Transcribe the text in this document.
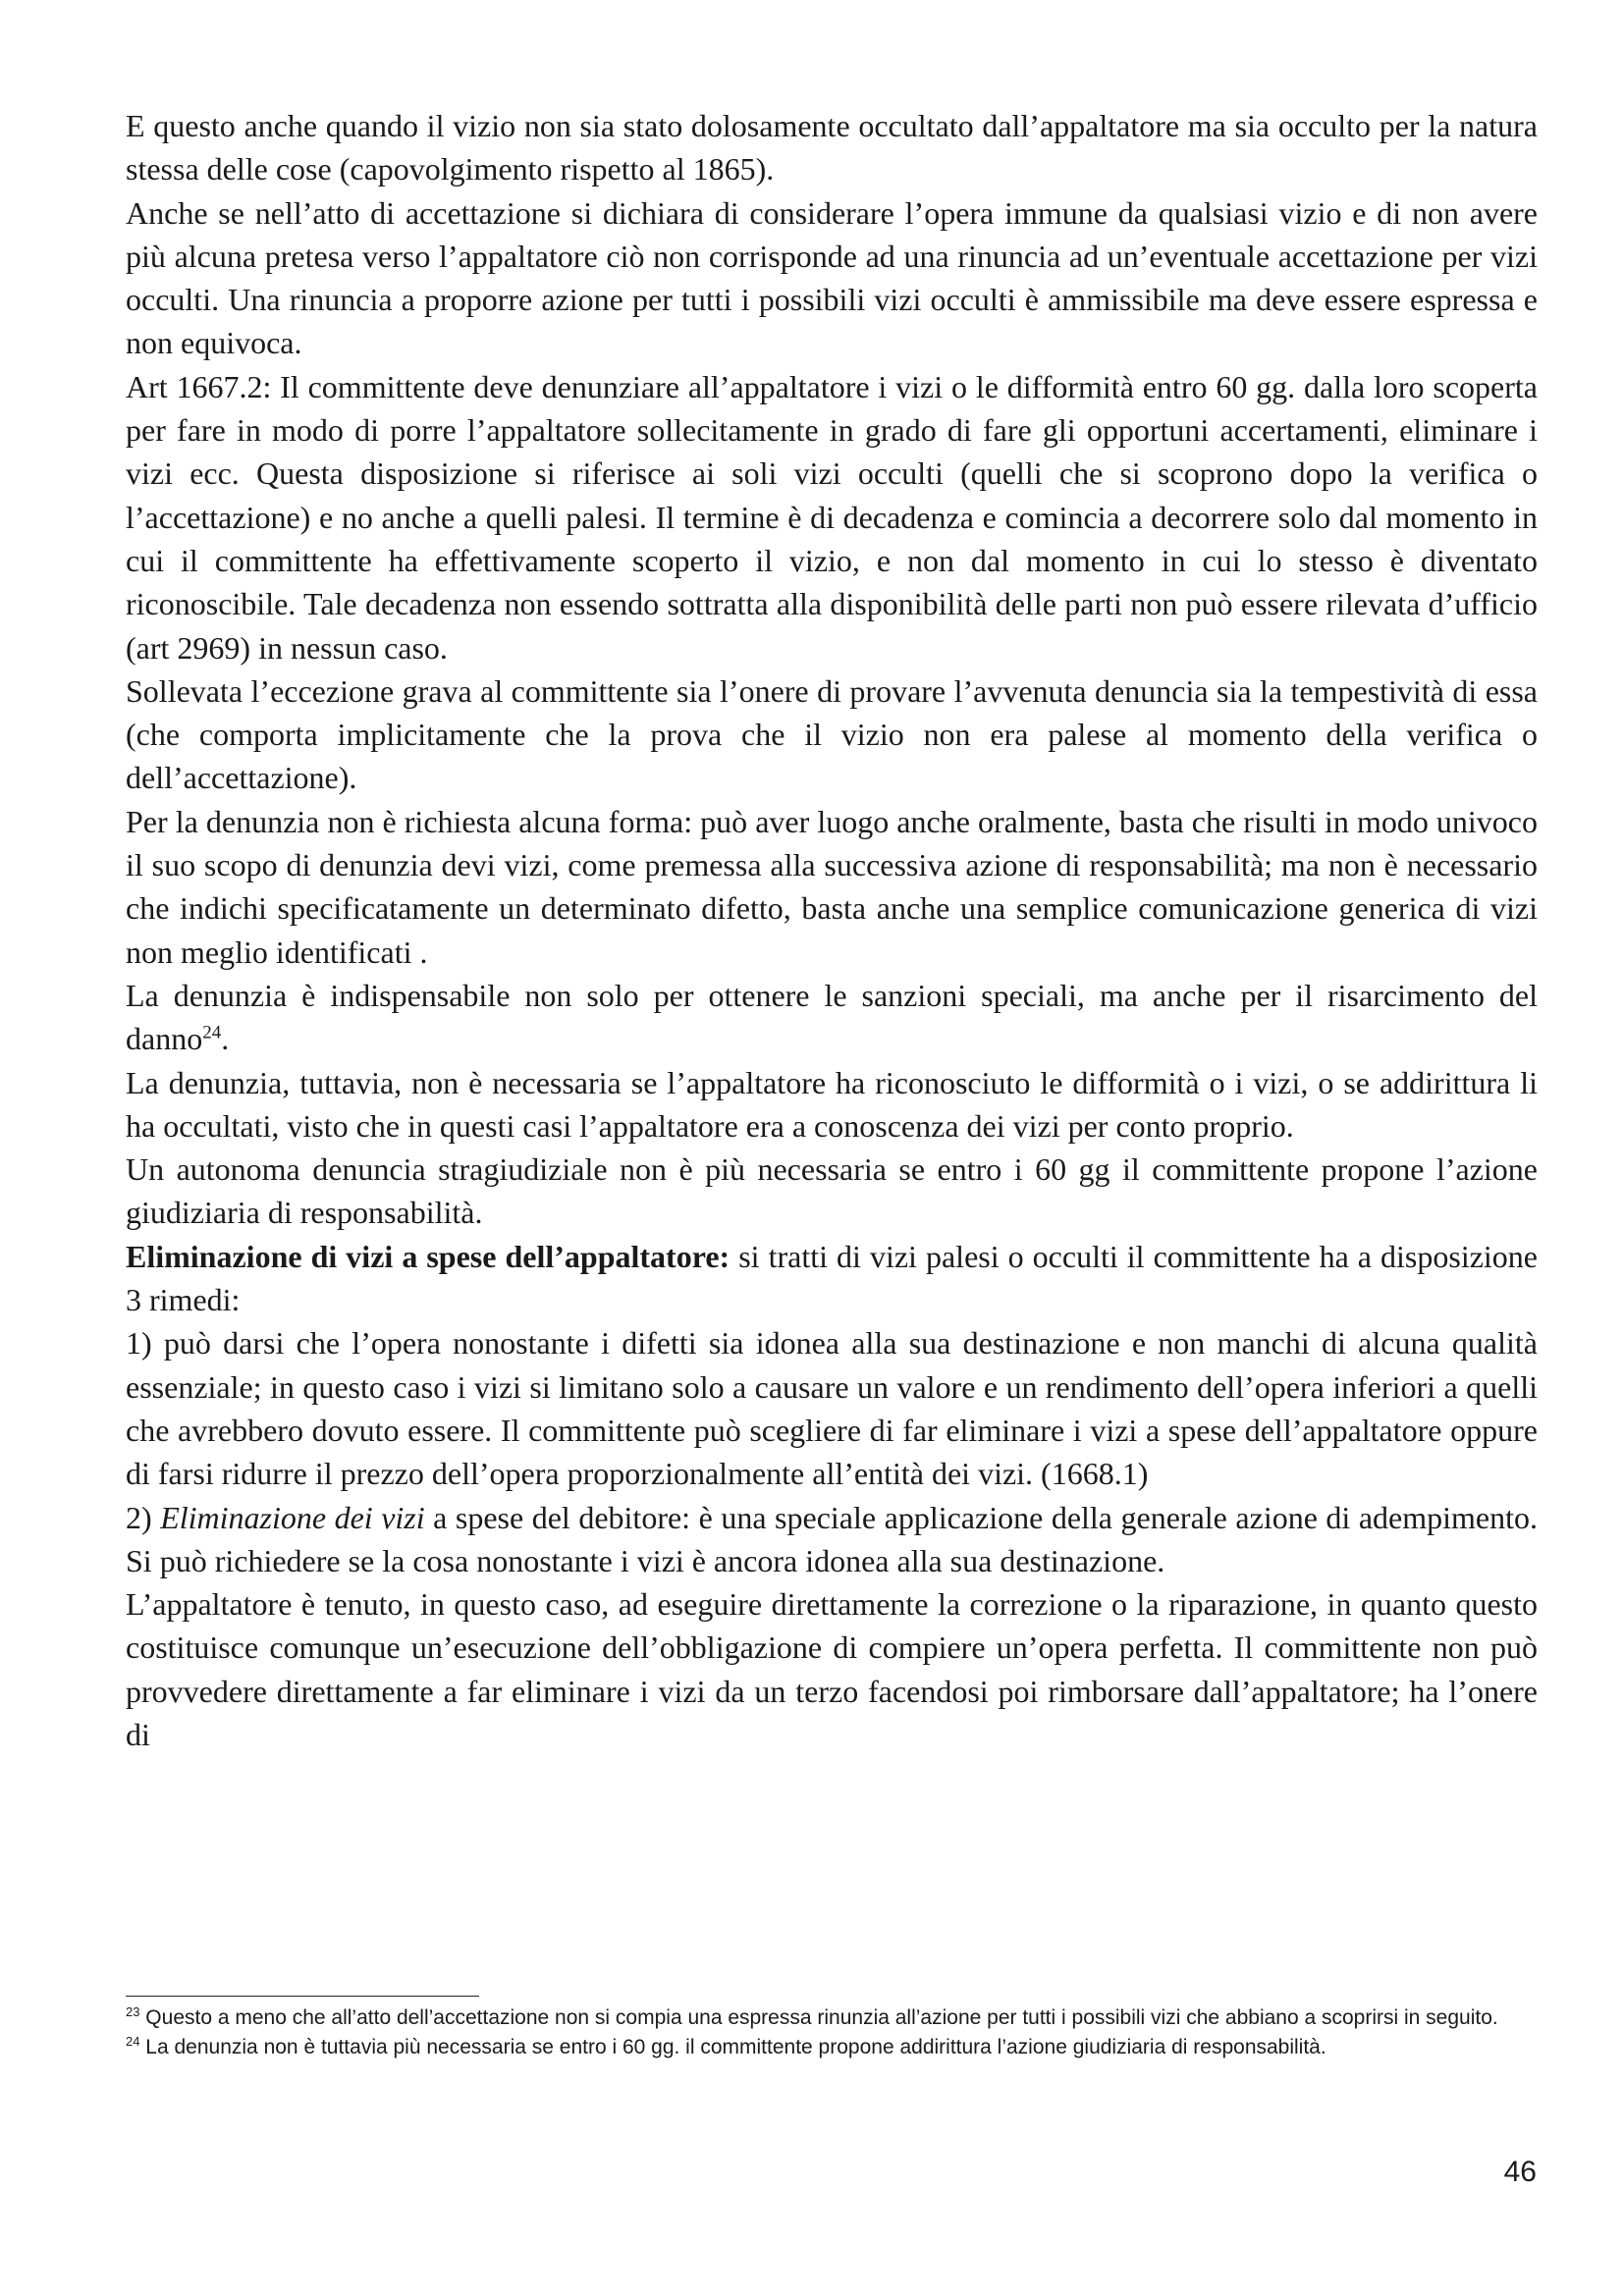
E questo anche quando il vizio non sia stato dolosamente occultato dall’appaltatore ma sia occulto per la natura stessa delle cose (capovolgimento rispetto al 1865).

Anche se nell’atto di accettazione si dichiara di considerare l’opera immune da qualsiasi vizio e di non avere più alcuna pretesa verso l’appaltatore ciò non corrisponde ad una rinuncia ad un’eventuale accettazione per vizi occulti. Una rinuncia a proporre azione per tutti i possibili vizi occulti è ammissibile ma deve essere espressa e non equivoca.

Art 1667.2: Il committente deve denunziare all’appaltatore i vizi o le difformità entro 60 gg. dalla loro scoperta per fare in modo di porre l’appaltatore sollecitamente in grado di fare gli opportuni accertamenti, eliminare i vizi ecc. Questa disposizione si riferisce ai soli vizi occulti (quelli che si scoprono dopo la verifica o l’accettazione) e no anche a quelli palesi. Il termine è di decadenza e comincia a decorrere solo dal momento in cui il committente ha effettivamente scoperto il vizio, e non dal momento in cui lo stesso è diventato riconoscibile. Tale decadenza non essendo sottratta alla disponibilità delle parti non può essere rilevata d’ufficio (art 2969) in nessun caso.

Sollevata l’eccezione grava al committente sia l’onere di provare l’avvenuta denuncia sia la tempestività di essa (che comporta implicitamente che la prova che il vizio non era palese al momento della verifica o dell’accettazione).

Per la denunzia non è richiesta alcuna forma: può aver luogo anche oralmente, basta che risulti in modo univoco il suo scopo di denunzia devi vizi, come premessa alla successiva azione di responsabilità; ma non è necessario che indichi specificatamente un determinato difetto, basta anche una semplice comunicazione generica di vizi non meglio identificati .

La denunzia è indispensabile non solo per ottenere le sanzioni speciali, ma anche per il risarcimento del danno$^{24}$.

La denunzia, tuttavia, non è necessaria se l’appaltatore ha riconosciuto le difformità o i vizi, o se addirittura li ha occultati, visto che in questi casi l’appaltatore era a conoscenza dei vizi per conto proprio.

Un autonoma denuncia stragiudiziale non è più necessaria se entro i 60 gg il committente propone l’azione giudiziaria di responsabilità.

Eliminazione di vizi a spese dell’appaltatore: si tratti di vizi palesi o occulti il committente ha a disposizione 3 rimedi:

1) può darsi che l’opera nonostante i difetti sia idonea alla sua destinazione e non manchi di alcuna qualità essenziale; in questo caso i vizi si limitano solo a causare un valore e un rendimento dell’opera inferiori a quelli che avrebbero dovuto essere. Il committente può scegliere di far eliminare i vizi a spese dell’appaltatore oppure di farsi ridurre il prezzo dell’opera proporzionalmente all’entità dei vizi. (1668.1)

2) Eliminazione dei vizi a spese del debitore: è una speciale applicazione della generale azione di adempimento. Si può richiedere se la cosa nonostante i vizi è ancora idonea alla sua destinazione.

L’appaltatore è tenuto, in questo caso, ad eseguire direttamente la correzione o la riparazione, in quanto questo costituisce comunque un’esecuzione dell’obbligazione di compiere un’opera perfetta. Il committente non può provvedere direttamente a far eliminare i vizi da un terzo facendosi poi rimborsare dall’appaltatore; ha l’onere di

$^{23}$ Questo a meno che all’atto dell’accettazione non si compia una espressa rinunzia all’azione per tutti i possibili vizi che abbiano a scoprirsi in seguito.

$^{24}$ La denunzia non è tuttavia più necessaria se entro i 60 gg. il committente propone addirittura l’azione giudiziaria di responsabilità.

46
